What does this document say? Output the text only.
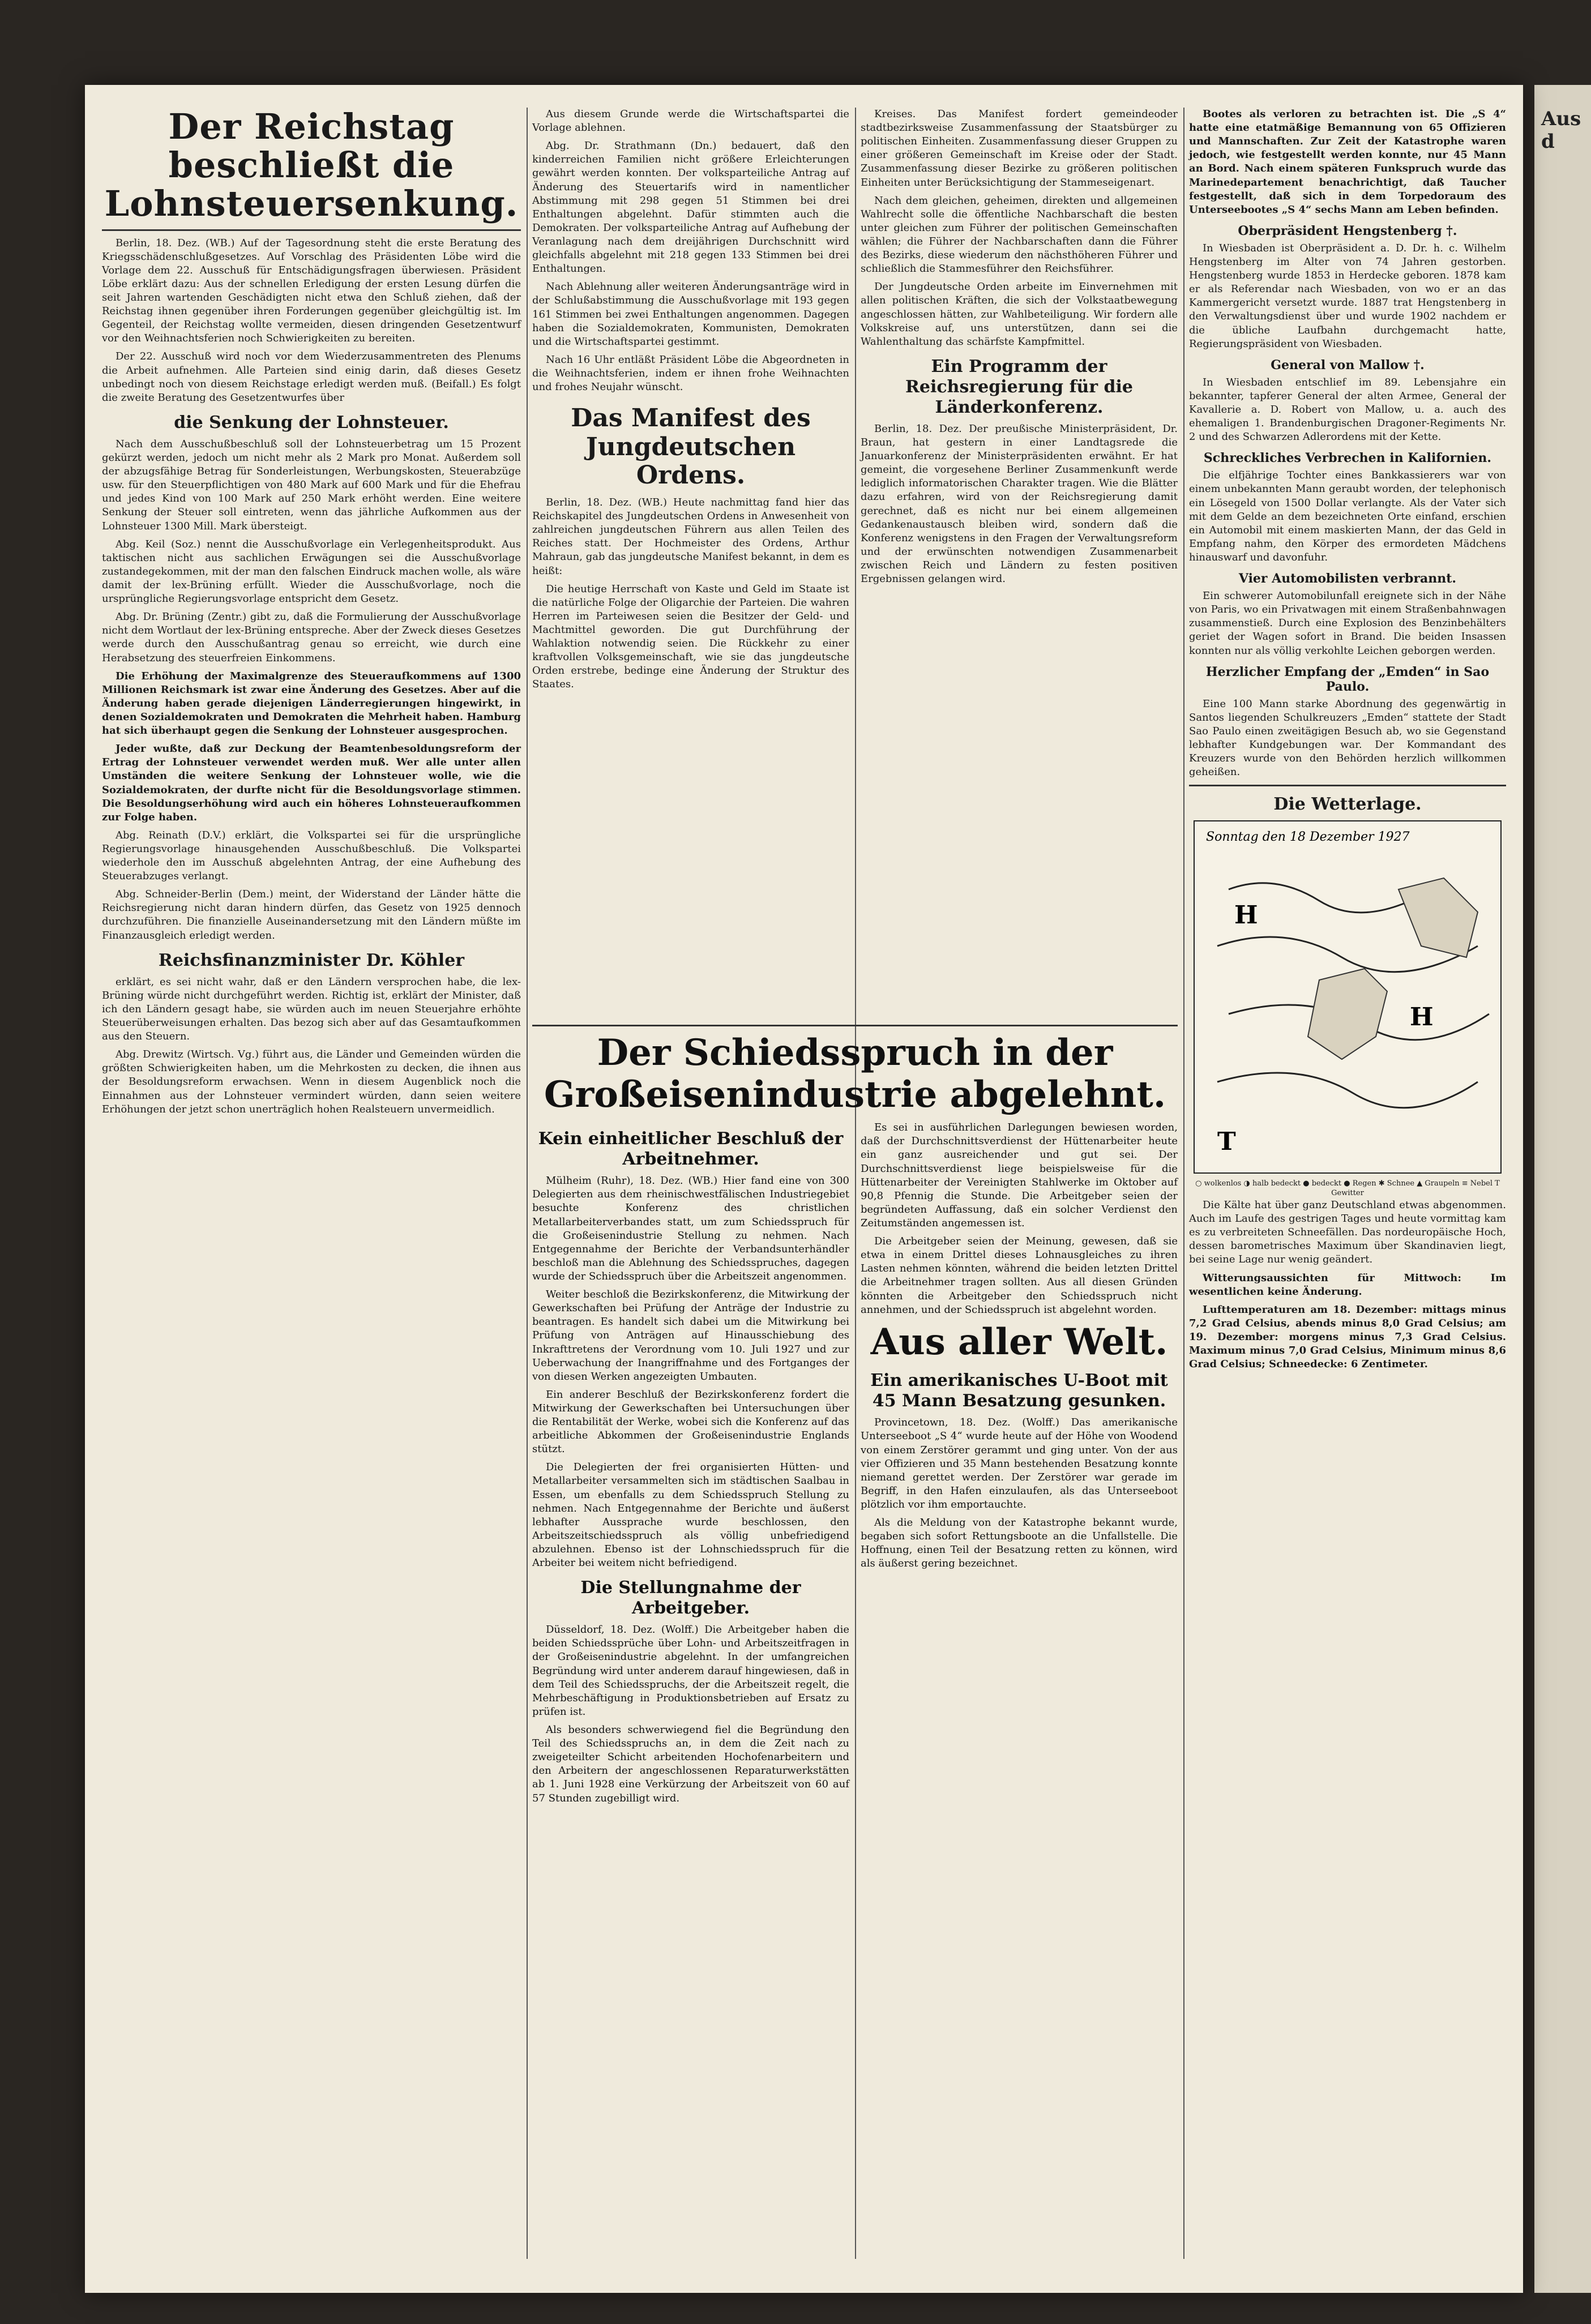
Aus d
Der Reichstag beschließt die Lohnsteuersenkung.

Berlin, 18. Dez. (WB.) Auf der Tagesordnung steht die erste Beratung des Kriegsschädenschlußgesetzes. Auf Vorschlag des Präsidenten Löbe wird die Vorlage dem 22. Ausschuß für Entschädigungsfragen überwiesen. Präsident Löbe erklärt dazu: Aus der schnellen Erledigung der ersten Lesung dürfen die seit Jahren wartenden Geschädigten nicht etwa den Schluß ziehen, daß der Reichstag ihnen gegenüber ihren Forderungen gegenüber gleichgültig ist. Im Gegenteil, der Reichstag wollte vermeiden, diesen dringenden Gesetzentwurf vor den Weihnachtsferien noch Schwierigkeiten zu bereiten.

Der 22. Ausschuß wird noch vor dem Wiederzusammentreten des Plenums die Arbeit aufnehmen. Alle Parteien sind einig darin, daß dieses Gesetz unbedingt noch von diesem Reichstage erledigt werden muß. (Beifall.) Es folgt die zweite Beratung des Gesetzentwurfes über

die Senkung der Lohnsteuer.

Nach dem Ausschußbeschluß soll der Lohnsteuerbetrag um 15 Prozent gekürzt werden, jedoch um nicht mehr als 2 Mark pro Monat. Außerdem soll der abzugsfähige Betrag für Sonderleistungen, Werbungskosten, Steuerabzüge usw. für den Steuerpflichtigen von 480 Mark auf 600 Mark und für die Ehefrau und jedes Kind von 100 Mark auf 250 Mark erhöht werden. Eine weitere Senkung der Steuer soll eintreten, wenn das jährliche Aufkommen aus der Lohnsteuer 1300 Mill. Mark übersteigt.

Abg. Keil (Soz.) nennt die Ausschußvorlage ein Verlegenheitsprodukt. Aus taktischen nicht aus sachlichen Erwägungen sei die Ausschußvorlage zustandegekommen, mit der man den falschen Eindruck machen wolle, als wäre damit der lex-Brüning erfüllt. Wieder die Ausschußvorlage, noch die ursprüngliche Regierungsvorlage entspricht dem Gesetz.

Abg. Dr. Brüning (Zentr.) gibt zu, daß die Formulierung der Ausschußvorlage nicht dem Wortlaut der lex-Brüning entspreche. Aber der Zweck dieses Gesetzes werde durch den Ausschußantrag genau so erreicht, wie durch eine Herabsetzung des steuerfreien Einkommens.

Die Erhöhung der Maximalgrenze des Steueraufkommens auf 1300 Millionen Reichsmark ist zwar eine Änderung des Gesetzes. Aber auf die Änderung haben gerade diejenigen Länderregierungen hingewirkt, in denen Sozialdemokraten und Demokraten die Mehrheit haben. Hamburg hat sich überhaupt gegen die Senkung der Lohnsteuer ausgesprochen.

Jeder wußte, daß zur Deckung der Beamtenbesoldungsreform der Ertrag der Lohnsteuer verwendet werden muß. Wer alle unter allen Umständen die weitere Senkung der Lohnsteuer wolle, wie die Sozialdemokraten, der durfte nicht für die Besoldungsvorlage stimmen. Die Besoldungserhöhung wird auch ein höheres Lohnsteueraufkommen zur Folge haben.

Abg. Reinath (D.V.) erklärt, die Volkspartei sei für die ursprüngliche Regierungsvorlage hinausgehenden Ausschußbeschluß. Die Volkspartei wiederhole den im Ausschuß abgelehnten Antrag, der eine Aufhebung des Steuerabzuges verlangt.

Abg. Schneider-Berlin (Dem.) meint, der Widerstand der Länder hätte die Reichsregierung nicht daran hindern dürfen, das Gesetz von 1925 dennoch durchzuführen. Die finanzielle Auseinandersetzung mit den Ländern müßte im Finanzausgleich erledigt werden.

Reichsfinanzminister Dr. Köhler

erklärt, es sei nicht wahr, daß er den Ländern versprochen habe, die lex-Brüning würde nicht durchgeführt werden. Richtig ist, erklärt der Minister, daß ich den Ländern gesagt habe, sie würden auch im neuen Steuerjahre erhöhte Steuerüberweisungen erhalten. Das bezog sich aber auf das Gesamtaufkommen aus den Steuern.

Abg. Drewitz (Wirtsch. Vg.) führt aus, die Länder und Gemeinden würden die größten Schwierigkeiten haben, um die Mehrkosten zu decken, die ihnen aus der Besoldungsreform erwachsen. Wenn in diesem Augenblick noch die Einnahmen aus der Lohnsteuer vermindert würden, dann seien weitere Erhöhungen der jetzt schon unerträglich hohen Realsteuern unvermeidlich.

Aus diesem Grunde werde die Wirtschaftspartei die Vorlage ablehnen.

Abg. Dr. Strathmann (Dn.) bedauert, daß den kinderreichen Familien nicht größere Erleichterungen gewährt werden konnten. Der volksparteiliche Antrag auf Änderung des Steuertarifs wird in namentlicher Abstimmung mit 298 gegen 51 Stimmen bei drei Enthaltungen abgelehnt. Dafür stimmten auch die Demokraten. Der volksparteiliche Antrag auf Aufhebung der Veranlagung nach dem dreijährigen Durchschnitt wird gleichfalls abgelehnt mit 218 gegen 133 Stimmen bei drei Enthaltungen.

Nach Ablehnung aller weiteren Änderungsanträge wird in der Schlußabstimmung die Ausschußvorlage mit 193 gegen 161 Stimmen bei zwei Enthaltungen angenommen. Dagegen haben die Sozialdemokraten, Kommunisten, Demokraten und die Wirtschaftspartei gestimmt.

Nach 16 Uhr entläßt Präsident Löbe die Abgeordneten in die Weihnachtsferien, indem er ihnen frohe Weihnachten und frohes Neujahr wünscht.

Das Manifest des Jungdeutschen Ordens.

Berlin, 18. Dez. (WB.) Heute nachmittag fand hier das Reichskapitel des Jungdeutschen Ordens in Anwesenheit von zahlreichen jungdeutschen Führern aus allen Teilen des Reiches statt. Der Hochmeister des Ordens, Arthur Mahraun, gab das jungdeutsche Manifest bekannt, in dem es heißt:

Die heutige Herrschaft von Kaste und Geld im Staate ist die natürliche Folge der Oligarchie der Parteien. Die wahren Herren im Parteiwesen seien die Besitzer der Geld- und Machtmittel geworden. Die gut Durchführung der Wahlaktion notwendig seien. Die Rückkehr zu einer kraftvollen Volksgemeinschaft, wie sie das jungdeutsche Orden erstrebe, bedinge eine Änderung der Struktur des Staates.

Kreises. Das Manifest fordert gemeindeoder stadtbezirksweise Zusammenfassung der Staatsbürger zu politischen Einheiten. Zusammenfassung dieser Gruppen zu einer größeren Gemeinschaft im Kreise oder der Stadt. Zusammenfassung dieser Bezirke zu größeren politischen Einheiten unter Berücksichtigung der Stammeseigenart.

Nach dem gleichen, geheimen, direkten und allgemeinen Wahlrecht solle die öffentliche Nachbarschaft die besten unter gleichen zum Führer der politischen Gemeinschaften wählen; die Führer der Nachbarschaften dann die Führer des Bezirks, diese wiederum den nächsthöheren Führer und schließlich die Stammesführer den Reichsführer.

Der Jungdeutsche Orden arbeite im Einvernehmen mit allen politischen Kräften, die sich der Volkstaatbewegung angeschlossen hätten, zur Wahlbeteiligung. Wir fordern alle Volkskreise auf, uns unterstützen, dann sei die Wahlenthaltung das schärfste Kampfmittel.

Ein Programm der Reichsregierung für die Länderkonferenz.

Berlin, 18. Dez. Der preußische Ministerpräsident, Dr. Braun, hat gestern in einer Landtagsrede die Januarkonferenz der Ministerpräsidenten erwähnt. Er hat gemeint, die vorgesehene Berliner Zusammenkunft werde lediglich informatorischen Charakter tragen. Wie die Blätter dazu erfahren, wird von der Reichsregierung damit gerechnet, daß es nicht nur bei einem allgemeinen Gedankenaustausch bleiben wird, sondern daß die Konferenz wenigstens in den Fragen der Verwaltungsreform und der erwünschten notwendigen Zusammenarbeit zwischen Reich und Ländern zu festen positiven Ergebnissen gelangen wird.

Der Schiedsspruch in der Großeisenindustrie abgelehnt.
Kein einheitlicher Beschluß der Arbeitnehmer.

Mülheim (Ruhr), 18. Dez. (WB.) Hier fand eine von 300 Delegierten aus dem rheinischwestfälischen Industriegebiet besuchte Konferenz des christlichen Metallarbeiterverbandes statt, um zum Schiedsspruch für die Großeisenindustrie Stellung zu nehmen. Nach Entgegennahme der Berichte der Verbandsunterhändler beschloß man die Ablehnung des Schiedsspruches, dagegen wurde der Schiedsspruch über die Arbeitszeit angenommen.

Weiter beschloß die Bezirkskonferenz, die Mitwirkung der Gewerkschaften bei Prüfung der Anträge der Industrie zu beantragen. Es handelt sich dabei um die Mitwirkung bei Prüfung von Anträgen auf Hinausschiebung des Inkrafttretens der Verordnung vom 10. Juli 1927 und zur Ueberwachung der Inangriffnahme und des Fortganges der von diesen Werken angezeigten Umbauten.

Ein anderer Beschluß der Bezirkskonferenz fordert die Mitwirkung der Gewerkschaften bei Untersuchungen über die Rentabilität der Werke, wobei sich die Konferenz auf das arbeitliche Abkommen der Großeisenindustrie Englands stützt.

Die Delegierten der frei organisierten Hütten- und Metallarbeiter versammelten sich im städtischen Saalbau in Essen, um ebenfalls zu dem Schiedsspruch Stellung zu nehmen. Nach Entgegennahme der Berichte und äußerst lebhafter Aussprache wurde beschlossen, den Arbeitszeitschiedsspruch als völlig unbefriedigend abzulehnen. Ebenso ist der Lohnschiedsspruch für die Arbeiter bei weitem nicht befriedigend.

Die Stellungnahme der Arbeitgeber.

Düsseldorf, 18. Dez. (Wolff.) Die Arbeitgeber haben die beiden Schiedssprüche über Lohn- und Arbeitszeitfragen in der Großeisenindustrie abgelehnt. In der umfangreichen Begründung wird unter anderem darauf hingewiesen, daß in dem Teil des Schiedsspruchs, der die Arbeitszeit regelt, die Mehrbeschäftigung in Produktionsbetrieben auf Ersatz zu prüfen ist.

Als besonders schwerwiegend fiel die Begründung den Teil des Schiedsspruchs an, in dem die Zeit nach zu zweigeteilter Schicht arbeitenden Hochofenarbeitern und den Arbeitern der angeschlossenen Reparaturwerkstätten ab 1. Juni 1928 eine Verkürzung der Arbeitszeit von 60 auf 57 Stunden zugebilligt wird.

Es sei in ausführlichen Darlegungen bewiesen worden, daß der Durchschnittsverdienst der Hüttenarbeiter heute ein ganz ausreichender und gut sei. Der Durchschnittsverdienst liege beispielsweise für die Hüttenarbeiter der Vereinigten Stahlwerke im Oktober auf 90,8 Pfennig die Stunde. Die Arbeitgeber seien der begründeten Auffassung, daß ein solcher Verdienst den Zeitumständen angemessen ist.

Die Arbeitgeber seien der Meinung, gewesen, daß sie etwa in einem Drittel dieses Lohnausgleiches zu ihren Lasten nehmen könnten, während die beiden letzten Drittel die Arbeitnehmer tragen sollten. Aus all diesen Gründen könnten die Arbeitgeber den Schiedsspruch nicht annehmen, und der Schiedsspruch ist abgelehnt worden.

Aus aller Welt.
Ein amerikanisches U-Boot mit 45 Mann Besatzung gesunken.

Provincetown, 18. Dez. (Wolff.) Das amerikanische Unterseeboot „S 4“ wurde heute auf der Höhe von Woodend von einem Zerstörer gerammt und ging unter. Von der aus vier Offizieren und 35 Mann bestehenden Besatzung konnte niemand gerettet werden. Der Zerstörer war gerade im Begriff, in den Hafen einzulaufen, als das Unterseeboot plötzlich vor ihm emportauchte.

Als die Meldung von der Katastrophe bekannt wurde, begaben sich sofort Rettungsboote an die Unfallstelle. Die Hoffnung, einen Teil der Besatzung retten zu können, wird als äußerst gering bezeichnet.

Bootes als verloren zu betrachten ist. Die „S 4“ hatte eine etatmäßige Bemannung von 65 Offizieren und Mannschaften. Zur Zeit der Katastrophe waren jedoch, wie festgestellt werden konnte, nur 45 Mann an Bord. Nach einem späteren Funkspruch wurde das Marinedepartement benachrichtigt, daß Taucher festgestellt, daß sich in dem Torpedoraum des Unterseebootes „S 4“ sechs Mann am Leben befinden.

Oberpräsident Hengstenberg †.

In Wiesbaden ist Oberpräsident a. D. Dr. h. c. Wilhelm Hengstenberg im Alter von 74 Jahren gestorben. Hengstenberg wurde 1853 in Herdecke geboren. 1878 kam er als Referendar nach Wiesbaden, von wo er an das Kammergericht versetzt wurde. 1887 trat Hengstenberg in den Verwaltungsdienst über und wurde 1902 nachdem er die übliche Laufbahn durchgemacht hatte, Regierungspräsident von Wiesbaden.

General von Mallow †.

In Wiesbaden entschlief im 89. Lebensjahre ein bekannter, tapferer General der alten Armee, General der Kavallerie a. D. Robert von Mallow, u. a. auch des ehemaligen 1. Brandenburgischen Dragoner-Regiments Nr. 2 und des Schwarzen Adlerordens mit der Kette.

Schreckliches Verbrechen in Kalifornien.

Die elfjährige Tochter eines Bankkassierers war von einem unbekannten Mann geraubt worden, der telephonisch ein Lösegeld von 1500 Dollar verlangte. Als der Vater sich mit dem Gelde an dem bezeichneten Orte einfand, erschien ein Automobil mit einem maskierten Mann, der das Geld in Empfang nahm, den Körper des ermordeten Mädchens hinauswarf und davonfuhr.

Vier Automobilisten verbrannt.

Ein schwerer Automobilunfall ereignete sich in der Nähe von Paris, wo ein Privatwagen mit einem Straßenbahnwagen zusammenstieß. Durch eine Explosion des Benzinbehälters geriet der Wagen sofort in Brand. Die beiden Insassen konnten nur als völlig verkohlte Leichen geborgen werden.

Herzlicher Empfang der „Emden“ in Sao Paulo.

Eine 100 Mann starke Abordnung des gegenwärtig in Santos liegenden Schulkreuzers „Emden“ stattete der Stadt Sao Paulo einen zweitägigen Besuch ab, wo sie Gegenstand lebhafter Kundgebungen war. Der Kommandant des Kreuzers wurde von den Behörden herzlich willkommen geheißen.

Die Wetterlage.
Sonntag den 18 Dezember 1927
H
H
T
○ wolkenlos ◑ halb bedeckt ● bedeckt ● Regen ✱ Schnee ▲ Graupeln ≡ Nebel T Gewitter

Die Kälte hat über ganz Deutschland etwas abgenommen. Auch im Laufe des gestrigen Tages und heute vormittag kam es zu verbreiteten Schneefällen. Das nordeuropäische Hoch, dessen barometrisches Maximum über Skandinavien liegt, bei seine Lage nur wenig geändert.

Witterungsaussichten für Mittwoch: Im wesentlichen keine Änderung.

Lufttemperaturen am 18. Dezember: mittags minus 7,2 Grad Celsius, abends minus 8,0 Grad Celsius; am 19. Dezember: morgens minus 7,3 Grad Celsius. Maximum minus 7,0 Grad Celsius, Minimum minus 8,6 Grad Celsius; Schneedecke: 6 Zentimeter.
